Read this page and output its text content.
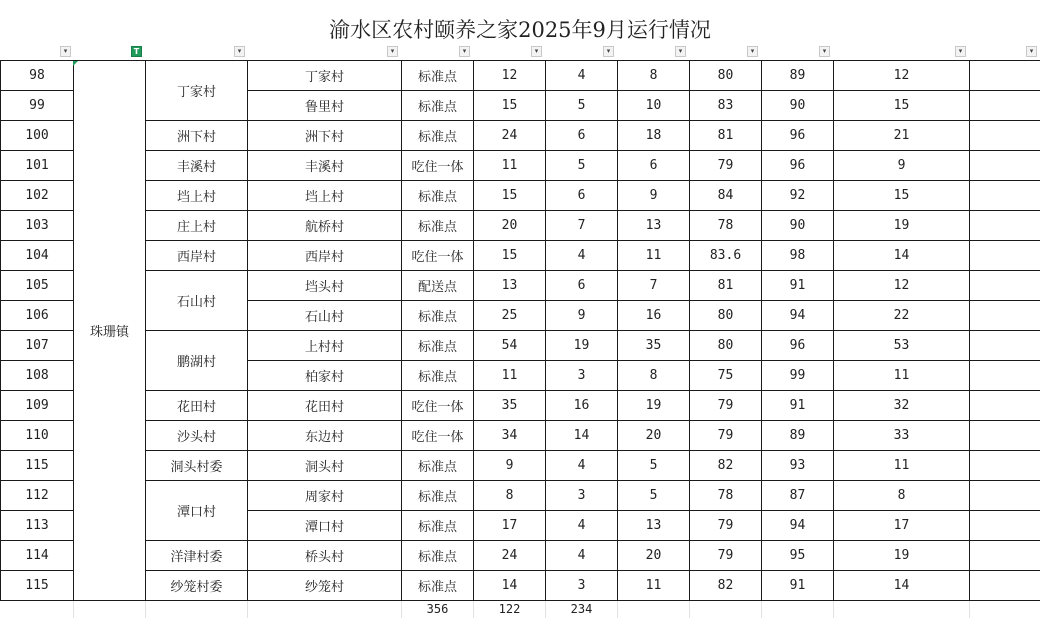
渝水区农村颐养之家2025年9月运行情况
▾	T	▾	▾	▾	▾	▾	▾	▾	▾	▾	▾
98	珠珊镇	丁家村	丁家村	标准点	12	4	8	80	89	12		
99			鲁里村	标准点	15	5	10	83	90	15		
100		洲下村	洲下村	标准点	24	6	18	81	96	21		
101		丰溪村	丰溪村	吃住一体	11	5	6	79	96	9		
102		垱上村	垱上村	标准点	15	6	9	84	92	15		
103		庄上村	航桥村	标准点	20	7	13	78	90	19		
104		西岸村	西岸村	吃住一体	15	4	11	83.6	98	14		
105		石山村	垱头村	配送点	13	6	7	81	91	12		
106			石山村	标准点	25	9	16	80	94	22		
107		鹏湖村	上村村	标准点	54	19	35	80	96	53		
108			柏家村	标准点	11	3	8	75	99	11		
109		花田村	花田村	吃住一体	35	16	19	79	91	32		
110		沙头村	东边村	吃住一体	34	14	20	79	89	33		
115		洞头村委	洞头村	标准点	9	4	5	82	93	11		
112		潭口村	周家村	标准点	8	3	5	78	87	8		
113			潭口村	标准点	17	4	13	79	94	17		
114		洋津村委	桥头村	标准点	24	4	20	79	95	19		
115		纱笼村委	纱笼村	标准点	14	3	11	82	91	14		
				356	122	234						
